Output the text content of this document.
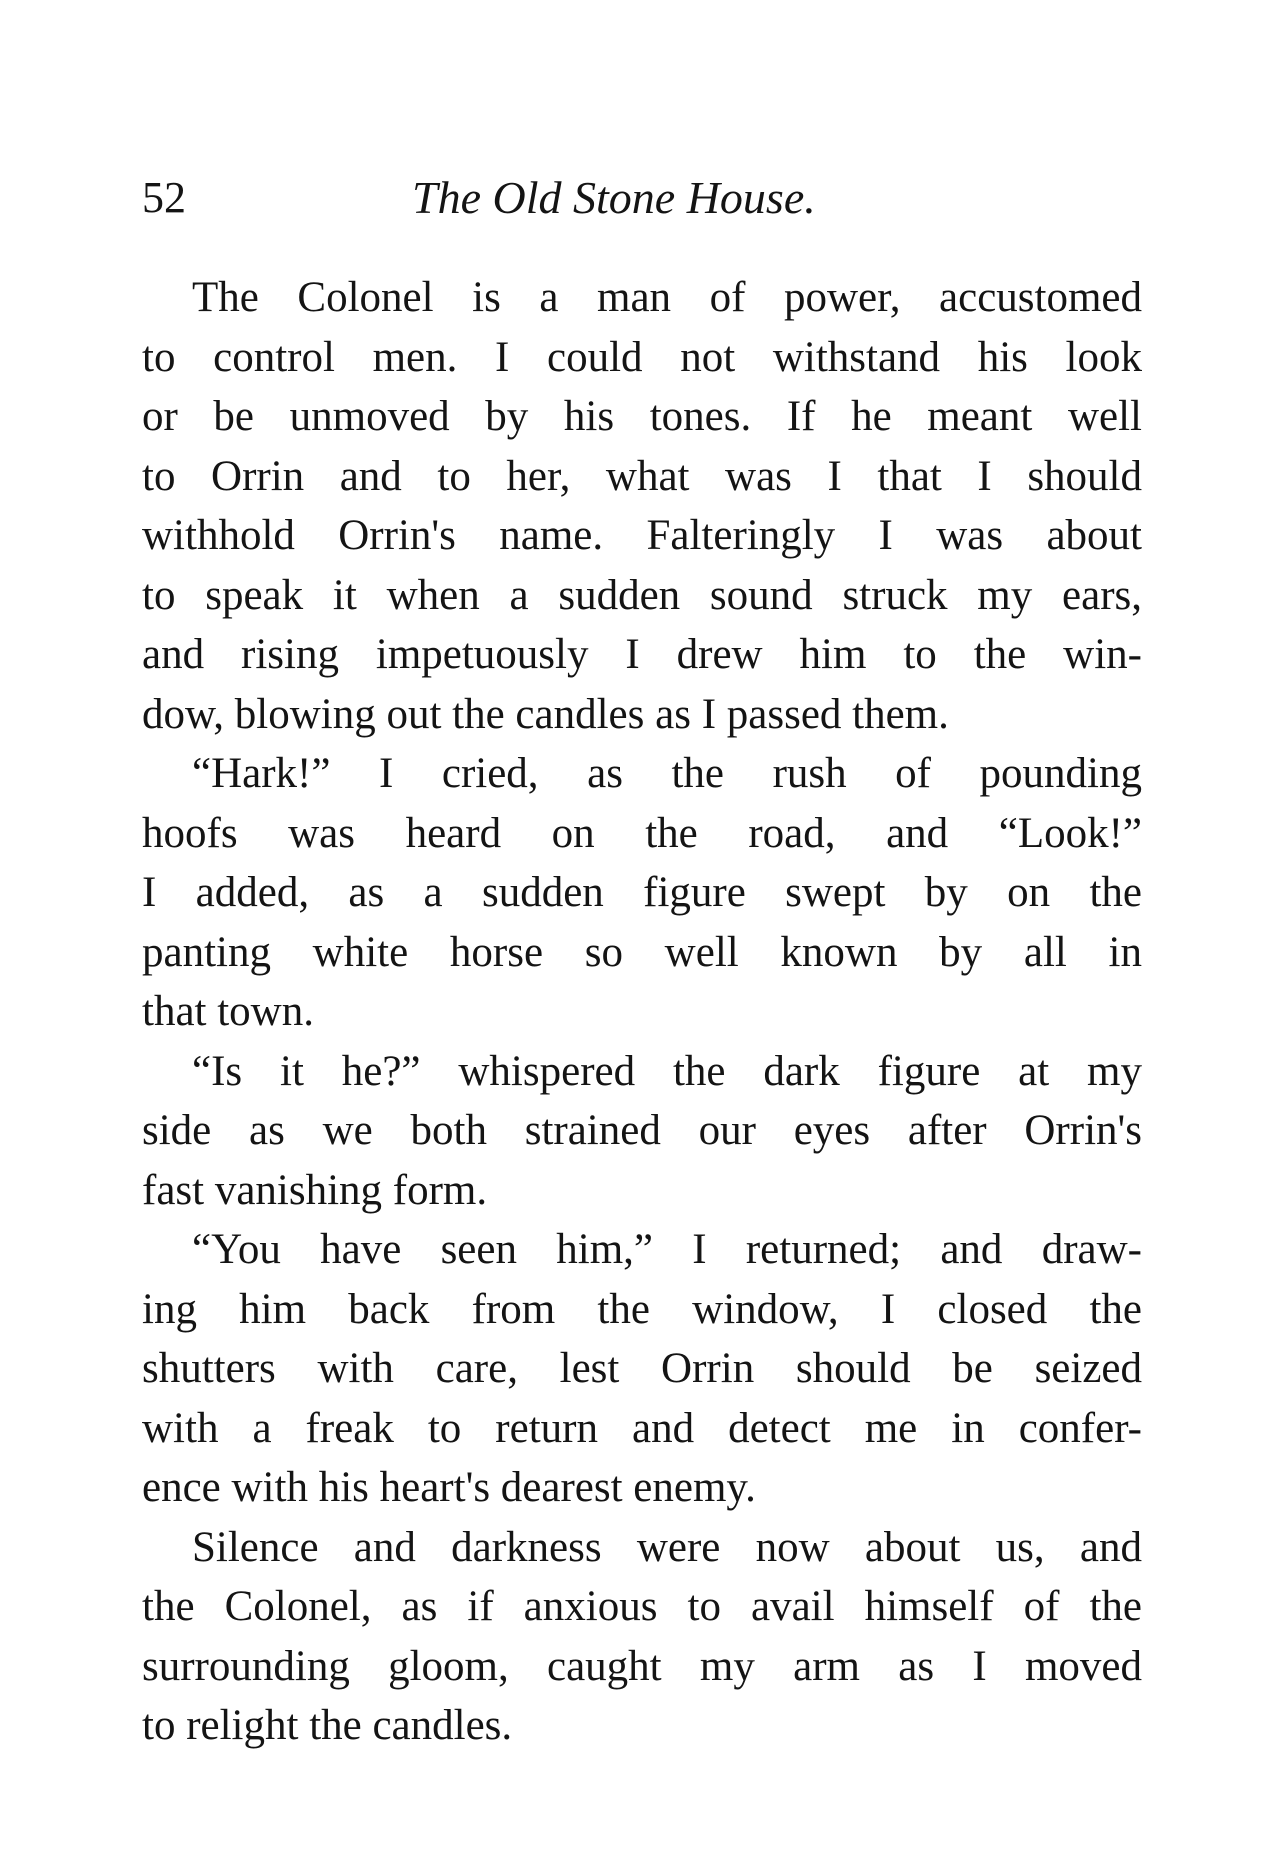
52	The Old Stone House.
The Colonel is a man of power, accustomed
to control men. I could not withstand his look
or be unmoved by his tones. If he meant well
to Orrin and to her, what was I that I should
withhold Orrin's name. Falteringly I was about
to speak it when a sudden sound struck my ears,
and rising impetuously I drew him to the win-
dow, blowing out the candles as I passed them.
“Hark!” I cried, as the rush of pounding
hoofs was heard on the road, and “Look!”
I added, as a sudden figure swept by on the
panting white horse so well known by all in
that town.
“Is it he?” whispered the dark figure at my
side as we both strained our eyes after Orrin's
fast vanishing form.
“You have seen him,” I returned; and draw-
ing him back from the window, I closed the
shutters with care, lest Orrin should be seized
with a freak to return and detect me in confer-
ence with his heart's dearest enemy.
Silence and darkness were now about us, and
the Colonel, as if anxious to avail himself of the
surrounding gloom, caught my arm as I moved
to relight the candles.
